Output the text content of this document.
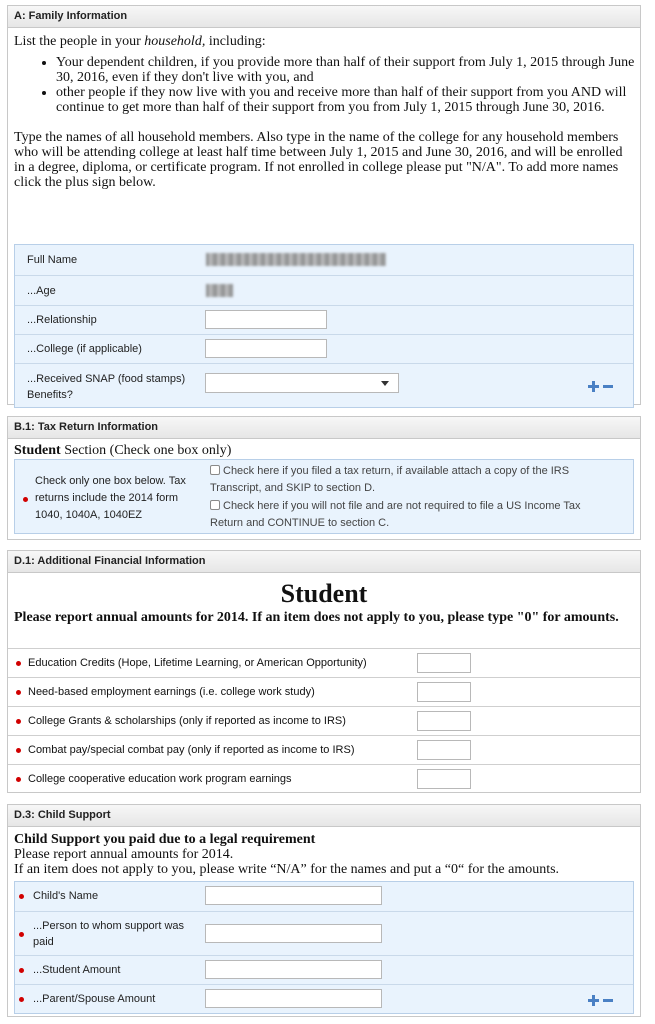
A: Family Information

List the people in your household, including:

• Your dependent children, if you provide more than half of their support from July 1, 2015 through June 30, 2016, even if they don't live with you, and
• other people if they now live with you and receive more than half of their support from you AND will continue to get more than half of their support from you from July 1, 2015 through June 30, 2016.

Type the names of all household members. Also type in the name of the college for any household members who will be attending college at least half time between July 1, 2015 and June 30, 2016, and will be enrolled in a degree, diploma, or certificate program. If not enrolled in college please put "N/A". To add more names click the plus sign below.

Full Name
...Age
...Relationship
...College (if applicable)
...Received SNAP (food stamps) Benefits?
B.1: Tax Return Information

Student Section (Check one box only)

Check only one box below. Tax returns include the 2014 form 1040, 1040A, 1040EZ
Check here if you filed a tax return, if available attach a copy of the IRS Transcript, and SKIP to section D.
Check here if you will not file and are not required to file a US Income Tax Return and CONTINUE to section C.
D.1: Additional Financial Information
Student

Please report annual amounts for 2014. If an item does not apply to you, please type "0" for amounts.

Education Credits (Hope, Lifetime Learning, or American Opportunity)
Need-based employment earnings (i.e. college work study)
College Grants & scholarships (only if reported as income to IRS)
Combat pay/special combat pay (only if reported as income to IRS)
College cooperative education work program earnings
D.3: Child Support

Child Support you paid due to a legal requirement

Please report annual amounts for 2014.

If an item does not apply to you, please write “N/A” for the names and put a “0“ for the amounts.

Child's Name
...Person to whom support was paid
...Student Amount
...Parent/Spouse Amount
